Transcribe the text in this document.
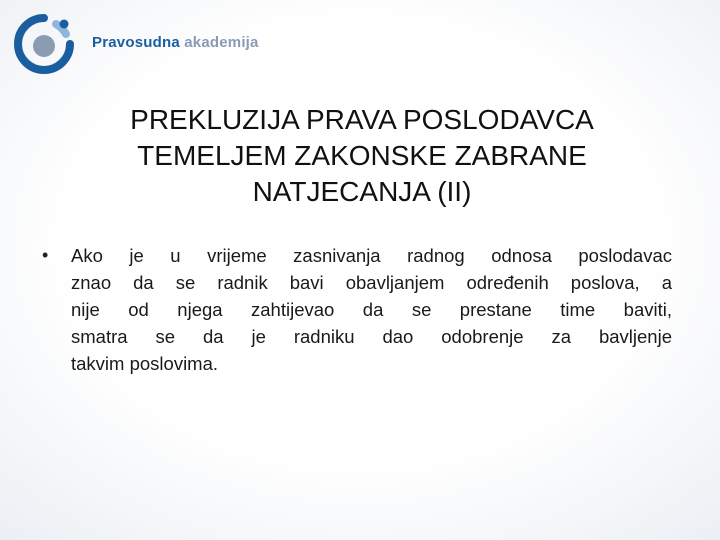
Pravosudna akademija
PREKLUZIJA PRAVA POSLODAVCA
TEMELJEM ZAKONSKE ZABRANE
NATJECANJA (II)
• Ako je u vrijeme zasnivanja radnog odnosa poslodavac
znao da se radnik bavi obavljanjem određenih poslova, a
nije od njega zahtijevao da se prestane time baviti,
smatra se da je radniku dao odobrenje za bavljenje
takvim poslovima.
